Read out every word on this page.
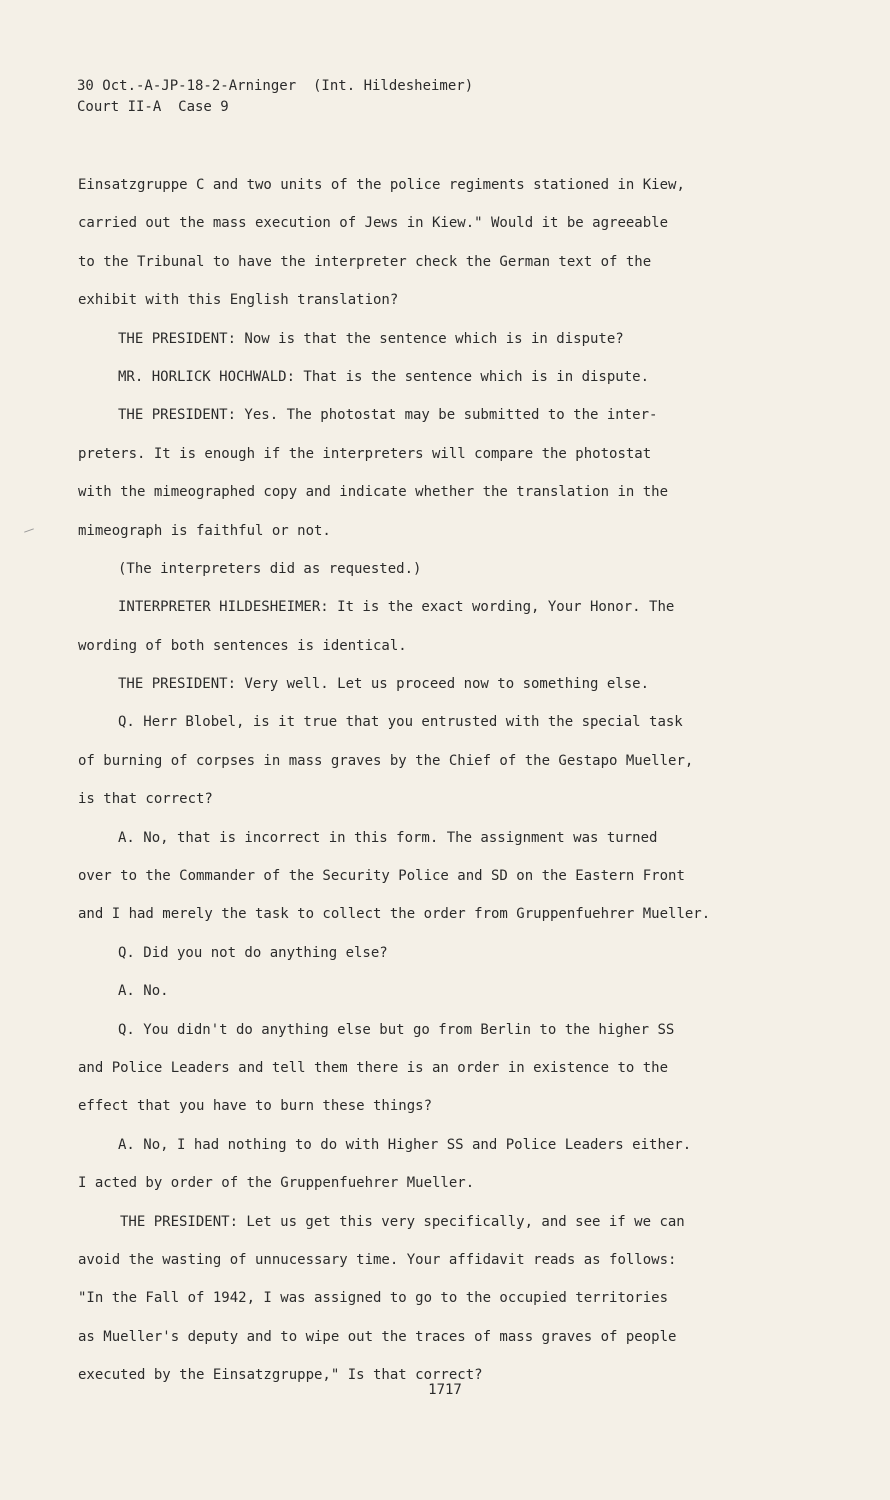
30 Oct.-A-JP-18-2-Arninger  (Int. Hildesheimer)
Court II-A  Case 9
Einsatzgruppe C and two units of the police regiments stationed in Kiew,
carried out the mass execution of Jews in Kiew." Would it be agreeable
to the Tribunal to have the interpreter check the German text of the
exhibit with this English translation?
THE PRESIDENT: Now is that the sentence which is in dispute?
MR. HORLICK HOCHWALD: That is the sentence which is in dispute.
THE PRESIDENT: Yes. The photostat may be submitted to the inter-
preters. It is enough if the interpreters will compare the photostat
with the mimeographed copy and indicate whether the translation in the
mimeograph is faithful or not.
(The interpreters did as requested.)
INTERPRETER HILDESHEIMER: It is the exact wording, Your Honor. The
wording of both sentences is identical.
THE PRESIDENT: Very well. Let us proceed now to something else.
Q. Herr Blobel, is it true that you entrusted with the special task
of burning of corpses in mass graves by the Chief of the Gestapo Mueller,
is that correct?
A. No, that is incorrect in this form. The assignment was turned
over to the Commander of the Security Police and SD on the Eastern Front
and I had merely the task to collect the order from Gruppenfuehrer Mueller.
Q. Did you not do anything else?
A. No.
Q. You didn't do anything else but go from Berlin to the higher SS
and Police Leaders and tell them there is an order in existence to the
effect that you have to burn these things?
A. No, I had nothing to do with Higher SS and Police Leaders either.
I acted by order of the Gruppenfuehrer Mueller.
THE PRESIDENT: Let us get this very specifically, and see if we can
avoid the wasting of unnucessary time. Your affidavit reads as follows:
"In the Fall of 1942, I was assigned to go to the occupied territories
as Mueller's deputy and to wipe out the traces of mass graves of people
executed by the Einsatzgruppe," Is that correct?
1717
